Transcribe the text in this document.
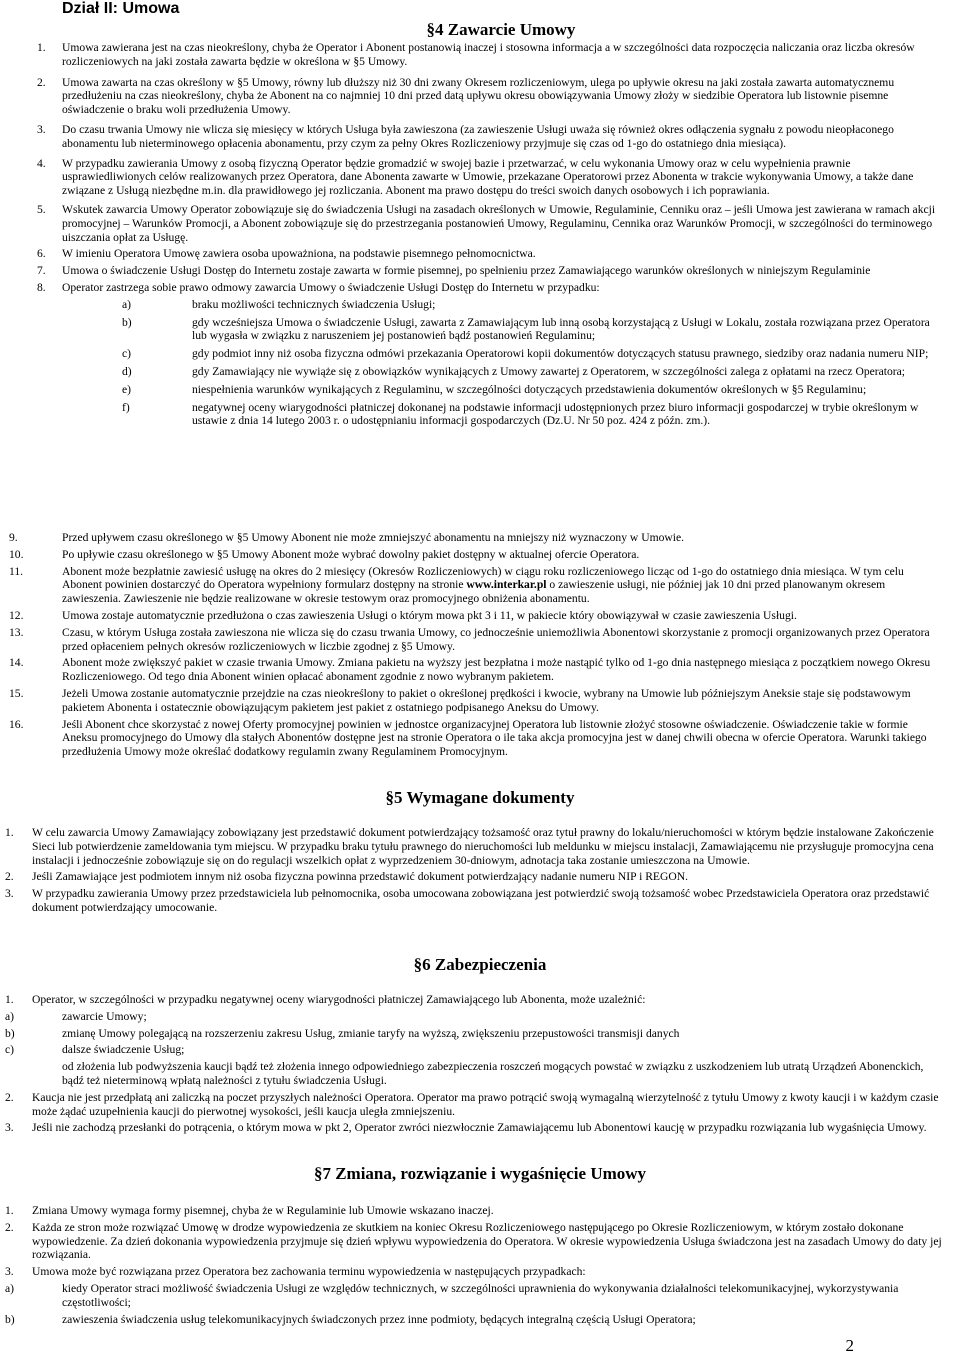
Dział II: Umowa
§4 Zawarcie Umowy
1. Umowa zawierana jest na czas nieokreślony, chyba że Operator i Abonent postanowią inaczej i stosowna informacja a w szczególności data rozpoczęcia naliczania oraz liczba okresów rozliczeniowych na jaki została zawarta będzie w określona w §5 Umowy.
2. Umowa zawarta na czas określony w §5 Umowy, równy lub dłuższy niż 30 dni zwany Okresem rozliczeniowym, ulega po upływie okresu na jaki została zawarta automatycznemu przedłużeniu na czas nieokreślony, chyba że Abonent na co najmniej 10 dni przed datą upływu okresu obowiązywania Umowy złoży w siedzibie Operatora lub listownie pisemne oświadczenie o braku woli przedłużenia Umowy.
3. Do czasu trwania Umowy nie wlicza się miesięcy w których Usługa była zawieszona (za zawieszenie Usługi uważa się również okres odłączenia sygnału z powodu nieopłaconego abonamentu lub nieterminowego opłacenia abonamentu, przy czym za pełny Okres Rozliczeniowy przyjmuje się czas od 1-go do ostatniego dnia miesiąca).
4. W przypadku zawierania Umowy z osobą fizyczną Operator będzie gromadzić w swojej bazie i przetwarzać, w celu wykonania Umowy oraz w celu wypełnienia prawnie usprawiedliwionych celów realizowanych przez Operatora, dane Abonenta zawarte w Umowie, przekazane Operatorowi przez Abonenta w trakcie wykonywania Umowy, a także dane związane z Usługą niezbędne m.in. dla prawidłowego jej rozliczania. Abonent ma prawo dostępu do treści swoich danych osobowych i ich poprawiania.
5. Wskutek zawarcia Umowy Operator zobowiązuje się do świadczenia Usługi na zasadach określonych w Umowie, Regulaminie, Cenniku oraz – jeśli Umowa jest zawierana w ramach akcji promocyjnej – Warunków Promocji, a Abonent zobowiązuje się do przestrzegania postanowień Umowy, Regulaminu, Cennika oraz Warunków Promocji, w szczególności do terminowego uiszczania opłat za Usługę.
6. W imieniu Operatora Umowę zawiera osoba upoważniona, na podstawie pisemnego pełnomocnictwa.
7. Umowa o świadczenie Usługi Dostęp do Internetu zostaje zawarta w formie pisemnej, po spełnieniu przez Zamawiającego warunków określonych w niniejszym Regulaminie
8. Operator zastrzega sobie prawo odmowy zawarcia Umowy o świadczenie Usługi Dostęp do Internetu w przypadku:
a)	braku możliwości technicznych świadczenia Usługi;
b)	gdy wcześniejsza Umowa o świadczenie Usługi, zawarta z Zamawiającym lub inną osobą korzystającą z Usługi w Lokalu, została rozwiązana przez Operatora lub wygasła w związku z naruszeniem jej postanowień bądź postanowień Regulaminu;
c)	gdy podmiot inny niż osoba fizyczna odmówi przekazania Operatorowi kopii dokumentów dotyczących statusu prawnego, siedziby oraz nadania numeru NIP;
d)	gdy Zamawiający nie wywiąże się z obowiązków wynikających z Umowy zawartej z Operatorem, w szczególności zalega z opłatami na rzecz Operatora;
e)	niespełnienia warunków wynikających z Regulaminu, w szczególności dotyczących przedstawienia dokumentów określonych w §5 Regulaminu;
f)	negatywnej oceny wiarygodności płatniczej dokonanej na podstawie informacji udostępnionych przez biuro informacji gospodarczej w trybie określonym w ustawie z dnia 14 lutego 2003 r. o udostępnianiu informacji gospodarczych (Dz.U. Nr 50 poz. 424 z późn. zm.).
9.	Przed upływem czasu określonego w §5 Umowy Abonent nie może zmniejszyć abonamentu na mniejszy niż wyznaczony w Umowie.
10.	Po upływie czasu określonego w §5 Umowy Abonent może wybrać dowolny pakiet dostępny w aktualnej ofercie Operatora.
11.	Abonent może bezpłatnie zawiesić usługę na okres do 2 miesięcy (Okresów Rozliczeniowych) w ciągu roku rozliczeniowego licząc od 1-go do ostatniego dnia miesiąca. W tym celu Abonent powinien dostarczyć do Operatora wypełniony formularz dostępny na stronie www.interkar.pl o zawieszenie usługi, nie później jak 10 dni przed planowanym okresem zawieszenia. Zawieszenie nie będzie realizowane w okresie testowym oraz promocyjnego obniżenia abonamentu.
12.	Umowa zostaje automatycznie przedłużona o czas zawieszenia Usługi o którym mowa pkt 3 i 11, w pakiecie który obowiązywał w czasie zawieszenia Usługi.
13.	Czasu, w którym Usługa została zawieszona nie wlicza się do czasu trwania Umowy, co jednocześnie uniemożliwia Abonentowi skorzystanie z promocji organizowanych przez Operatora przed opłaceniem pełnych okresów rozliczeniowych w liczbie zgodnej z §5 Umowy.
14.	Abonent może zwiększyć pakiet w czasie trwania Umowy. Zmiana pakietu na wyższy jest bezpłatna i może nastąpić tylko od 1-go dnia następnego miesiąca z początkiem nowego Okresu Rozliczeniowego. Od tego dnia Abonent winien opłacać abonament zgodnie z nowo wybranym pakietem.
15.	Jeżeli Umowa zostanie automatycznie przejdzie na czas nieokreślony to pakiet o określonej prędkości i kwocie, wybrany na Umowie lub późniejszym Aneksie staje się podstawowym pakietem Abonenta i ostatecznie obowiązującym pakietem jest pakiet z ostatniego podpisanego Aneksu do Umowy.
16.	Jeśli Abonent chce skorzystać z nowej Oferty promocyjnej powinien w jednostce organizacyjnej Operatora lub listownie złożyć stosowne oświadczenie. Oświadczenie takie w formie Aneksu promocyjnego do Umowy dla stałych Abonentów dostępne jest na stronie Operatora o ile taka akcja promocyjna jest w danej chwili obecna w ofercie Operatora. Warunki takiego przedłużenia Umowy może określać dodatkowy regulamin zwany Regulaminem Promocyjnym.
§5 Wymagane dokumenty
1. W celu zawarcia Umowy Zamawiający zobowiązany jest przedstawić dokument potwierdzający tożsamość oraz tytuł prawny do lokalu/nieruchomości w którym będzie instalowane Zakończenie Sieci lub potwierdzenie zameldowania tym miejscu. W przypadku braku tytułu prawnego do nieruchomości lub meldunku w miejscu instalacji, Zamawiającemu nie przysługuje promocyjna cena instalacji i jednocześnie zobowiązuje się on do regulacji wszelkich opłat z wyprzedzeniem 30-dniowym, adnotacja taka zostanie umieszczona na Umowie.
2. Jeśli Zamawiające jest podmiotem innym niż osoba fizyczna powinna przedstawić dokument potwierdzający nadanie numeru NIP i REGON.
3. W przypadku zawierania Umowy przez przedstawiciela lub pełnomocnika, osoba umocowana zobowiązana jest potwierdzić swoją tożsamość wobec Przedstawiciela Operatora oraz przedstawić dokument potwierdzający umocowanie.
§6 Zabezpieczenia
1. Operator, w szczególności w przypadku negatywnej oceny wiarygodności płatniczej Zamawiającego lub Abonenta, może uzależnić:
a)	zawarcie Umowy;
b)	zmianę Umowy polegającą na rozszerzeniu zakresu Usług, zmianie taryfy na wyższą, zwiększeniu przepustowości transmisji danych
c)	dalsze świadczenie Usług;
od złożenia lub podwyższenia kaucji bądź też złożenia innego odpowiedniego zabezpieczenia roszczeń mogących powstać w związku z uszkodzeniem lub utratą Urządzeń Abonenckich, bądź też nieterminową wpłatą należności z tytułu świadczenia Usługi.
2. Kaucja nie jest przedpłatą ani zaliczką na poczet przyszłych należności Operatora. Operator ma prawo potrącić swoją wymagalną wierzytelność z tytułu Umowy z kwoty kaucji i w każdym czasie może żądać uzupełnienia kaucji do pierwotnej wysokości, jeśli kaucja uległa zmniejszeniu.
3. Jeśli nie zachodzą przesłanki do potrącenia, o którym mowa w pkt 2, Operator zwróci niezwłocznie Zamawiającemu lub Abonentowi kaucję w przypadku rozwiązania lub wygaśnięcia Umowy.
§7 Zmiana, rozwiązanie i wygaśnięcie Umowy
1. Zmiana Umowy wymaga formy pisemnej, chyba że w Regulaminie lub Umowie wskazano inaczej.
2. Każda ze stron może rozwiązać Umowę w drodze wypowiedzenia ze skutkiem na koniec Okresu Rozliczeniowego następującego po Okresie Rozliczeniowym, w którym zostało dokonane wypowiedzenie. Za dzień dokonania wypowiedzenia przyjmuje się dzień wpływu wypowiedzenia do Operatora. W okresie wypowiedzenia Usługa świadczona jest na zasadach Umowy do daty jej rozwiązania.
3. Umowa może być rozwiązana przez Operatora bez zachowania terminu wypowiedzenia w następujących przypadkach:
a)	kiedy Operator straci możliwość świadczenia Usługi ze względów technicznych, w szczególności uprawnienia do wykonywania działalności telekomunikacyjnej, wykorzystywania częstotliwości;
b)	zawieszenia świadczenia usług telekomunikacyjnych świadczonych przez inne podmioty, będących integralną częścią Usługi Operatora;
2
